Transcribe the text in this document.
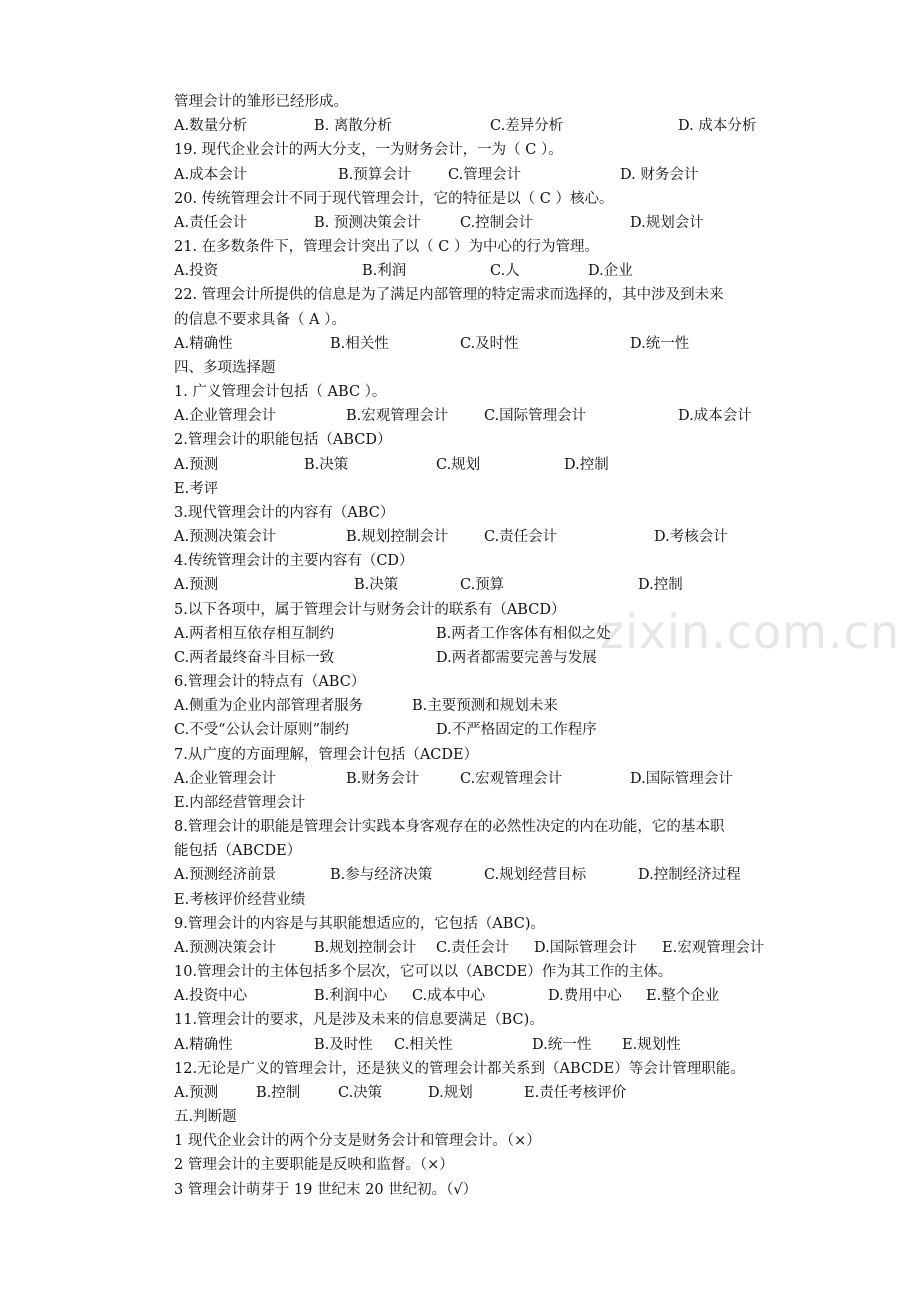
zixin.com.cn
管理会计的雏形已经形成。
A.数量分析	B. 离散分析	C.差异分析	D. 成本分析
19. 现代企业会计的两大分支，一为财务会计，一为（ C ）。
A.成本会计	B.预算会计	C.管理会计	D. 财务会计
20. 传统管理会计不同于现代管理会计，它的特征是以（ C ）核心。
A.责任会计	B. 预测决策会计	C.控制会计	D.规划会计
21. 在多数条件下，管理会计突出了以（ C ）为中心的行为管理。
A.投资	B.利润	C.人	D.企业
22. 管理会计所提供的信息是为了满足内部管理的特定需求而选择的，其中涉及到未来
的信息不要求具备（ A ）。
A.精确性	B.相关性	C.及时性	D.统一性
四、多项选择题
1. 广义管理会计包括（ ABC ）。
A.企业管理会计	B.宏观管理会计 C.国际管理会计	D.成本会计
2.管理会计的职能包括（ABCD）
A.预测	B.决策	C.规划	D.控制
E.考评
3.现代管理会计的内容有（ABC）
A.预测决策会计	B.规划控制会计 C.责任会计	D.考核会计
4.传统管理会计的主要内容有（CD）
A.预测	B.决策	C.预算	D.控制
5.以下各项中，属于管理会计与财务会计的联系有（ABCD）
A.两者相互依存相互制约	B.两者工作客体有相似之处
C.两者最终奋斗目标一致	D.两者都需要完善与发展
6.管理会计的特点有（ABC）
A.侧重为企业内部管理者服务	B.主要预测和规划未来
C.不受“公认会计原则”制约	D.不严格固定的工作程序
7.从广度的方面理解，管理会计包括（ACDE）
A.企业管理会计	B.财务会计	C.宏观管理会计	D.国际管理会计
E.内部经营管理会计
8.管理会计的职能是管理会计实践本身客观存在的必然性决定的内在功能，它的基本职
能包括（ABCDE）
A.预测经济前景	B.参与经济决策	C.规划经营目标	D.控制经济过程
E.考核评价经营业绩
9.管理会计的内容是与其职能想适应的，它包括（ABC)。
A.预测决策会计	B.规划控制会计 C.责任会计 D.国际管理会计 E.宏观管理会计
10.管理会计的主体包括多个层次，它可以以（ABCDE）作为其工作的主体。
A.投资中心	B.利润中心 C.成本中心	D.费用中心 E.整个企业
11.管理会计的要求，凡是涉及未来的信息要满足（BC)。
A.精确性	B.及时性 C.相关性	D.统一性 E.规划性
12.无论是广义的管理会计，还是狭义的管理会计都关系到（ABCDE）等会计管理职能。
A.预测	B.控制	C.决策	D.规划	E.责任考核评价
五.判断题
1 现代企业会计的两个分支是财务会计和管理会计。（×）
2 管理会计的主要职能是反映和监督。（×）
3 管理会计萌芽于 19 世纪末 20 世纪初。（√）
